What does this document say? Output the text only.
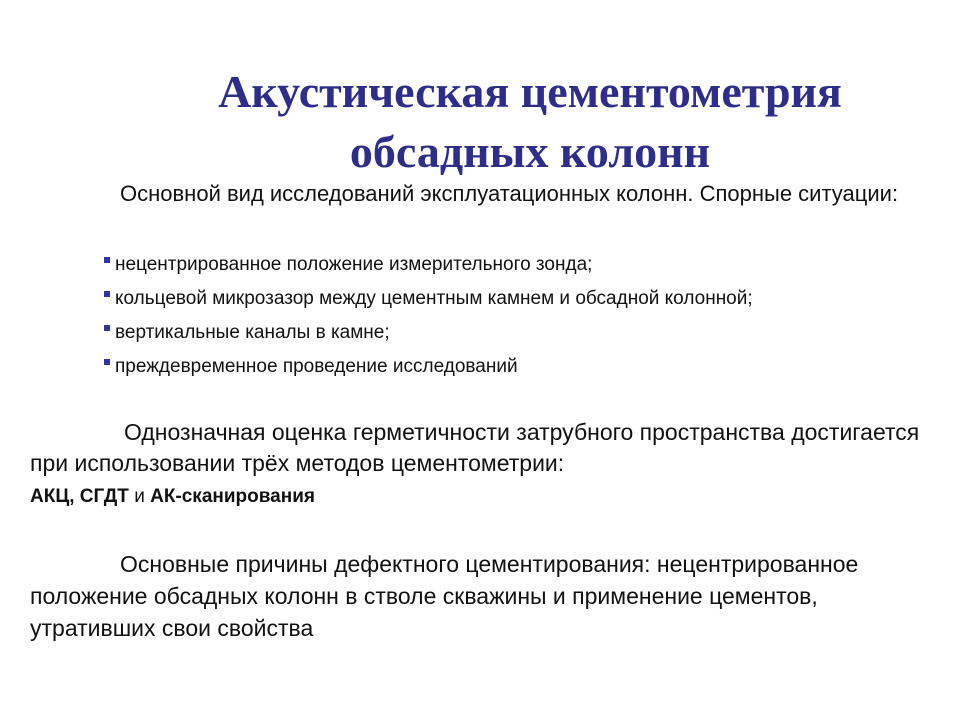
Акустическая цементометрия
обсадных колонн
Основной вид исследований эксплуатационных колонн. Спорные ситуации:
нецентрированное положение измерительного зонда;
кольцевой микрозазор между цементным камнем и обсадной колонной;
вертикальные каналы в камне;
преждевременное проведение исследований
Однозначная оценка герметичности затрубного пространства достигается при использовании трёх методов цементометрии:
АКЦ, СГДТ и АК-сканирования
Основные причины дефектного цементирования: нецентрированное положение обсадных колонн в стволе скважины и применение цементов, утративших свои свойства
